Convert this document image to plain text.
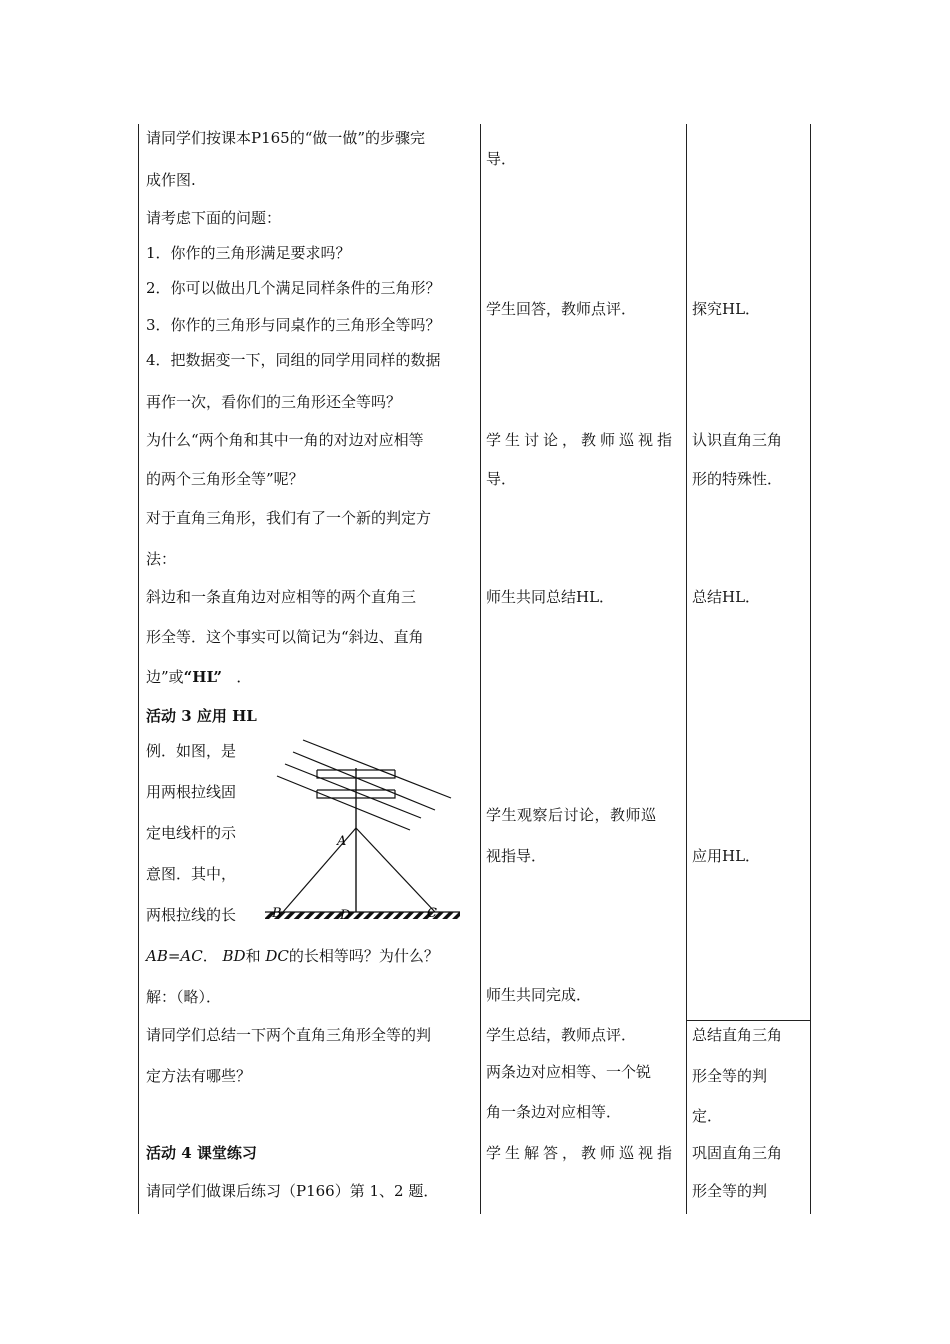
请同学们按课本P165的“做一做”的步骤完
成作图.
请考虑下面的问题：
1．你作的三角形满足要求吗？
2．你可以做出几个满足同样条件的三角形？
3．你作的三角形与同桌作的三角形全等吗？
4．把数据变一下，同组的同学用同样的数据
再作一次，看你们的三角形还全等吗？
为什么“两个角和其中一角的对边对应相等
的两个三角形全等”呢？
对于直角三角形，我们有了一个新的判定方
法：
斜边和一条直角边对应相等的两个直角三
形全等．这个事实可以简记为“斜边、直角
边”或“HL” ．
活动 3 应用 HL
例．如图，是
用两根拉线固
定电线杆的示
意图．其中，
两根拉线的长
AB=AC． BD和 DC的长相等吗？为什么？
解：（略）．
请同学们总结一下两个直角三角形全等的判
定方法有哪些？
活动 4 课堂练习
请同学们做课后练习（P166）第 1、2 题．
A
B	D	C
导．
学生回答，教师点评．
学生讨论，教师巡视指
导．
师生共同总结HL．
学生观察后讨论，教师巡
视指导．
师生共同完成．
学生总结，教师点评．
两条边对应相等、一个锐
角一条边对应相等．
学生解答，教师巡视指
探究HL．
认识直角三角
形的特殊性．
总结HL．
应用HL．
总结直角三角
形全等的判
定．
巩固直角三角
形全等的判
